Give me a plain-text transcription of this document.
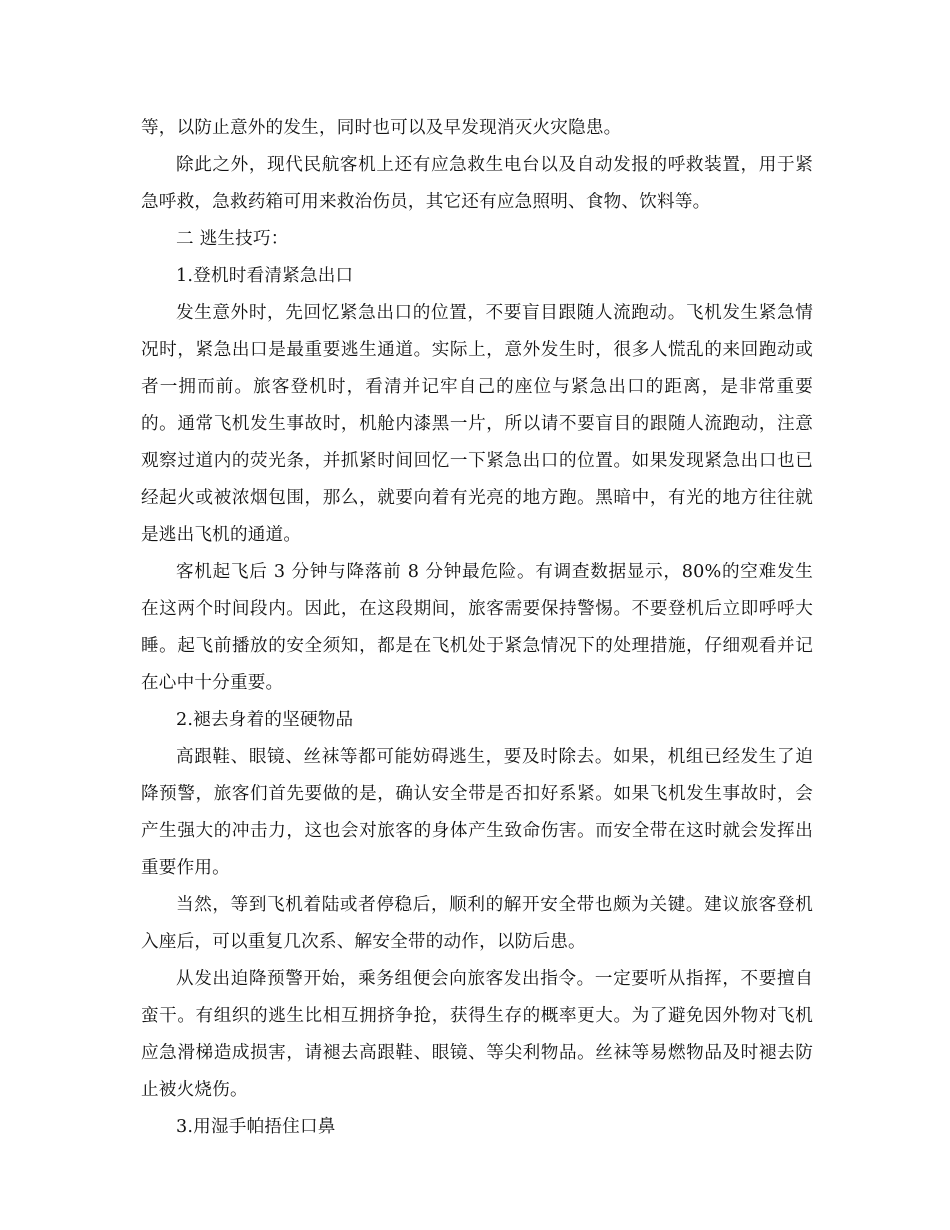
等，以防止意外的发生，同时也可以及早发现消灭火灾隐患。

除此之外，现代民航客机上还有应急救生电台以及自动发报的呼救装置，用于紧急呼救，急救药箱可用来救治伤员，其它还有应急照明、食物、饮料等。

二 逃生技巧：

1.登机时看清紧急出口

发生意外时，先回忆紧急出口的位置，不要盲目跟随人流跑动。飞机发生紧急情况时，紧急出口是最重要逃生通道。实际上，意外发生时，很多人慌乱的来回跑动或者一拥而前。旅客登机时，看清并记牢自己的座位与紧急出口的距离，是非常重要的。通常飞机发生事故时，机舱内漆黑一片，所以请不要盲目的跟随人流跑动，注意观察过道内的荧光条，并抓紧时间回忆一下紧急出口的位置。如果发现紧急出口也已经起火或被浓烟包围，那么，就要向着有光亮的地方跑。黑暗中，有光的地方往往就是逃出飞机的通道。

客机起飞后 3 分钟与降落前 8 分钟最危险。有调查数据显示，80%的空难发生在这两个时间段内。因此，在这段期间，旅客需要保持警惕。不要登机后立即呼呼大睡。起飞前播放的安全须知，都是在飞机处于紧急情况下的处理措施，仔细观看并记在心中十分重要。

2.褪去身着的坚硬物品

高跟鞋、眼镜、丝袜等都可能妨碍逃生，要及时除去。如果，机组已经发生了迫降预警，旅客们首先要做的是，确认安全带是否扣好系紧。如果飞机发生事故时，会产生强大的冲击力，这也会对旅客的身体产生致命伤害。而安全带在这时就会发挥出重要作用。

当然，等到飞机着陆或者停稳后，顺利的解开安全带也颇为关键。建议旅客登机入座后，可以重复几次系、解安全带的动作，以防后患。

从发出迫降预警开始，乘务组便会向旅客发出指令。一定要听从指挥，不要擅自蛮干。有组织的逃生比相互拥挤争抢，获得生存的概率更大。为了避免因外物对飞机应急滑梯造成损害，请褪去高跟鞋、眼镜、等尖利物品。丝袜等易燃物品及时褪去防止被火烧伤。

3.用湿手帕捂住口鼻
